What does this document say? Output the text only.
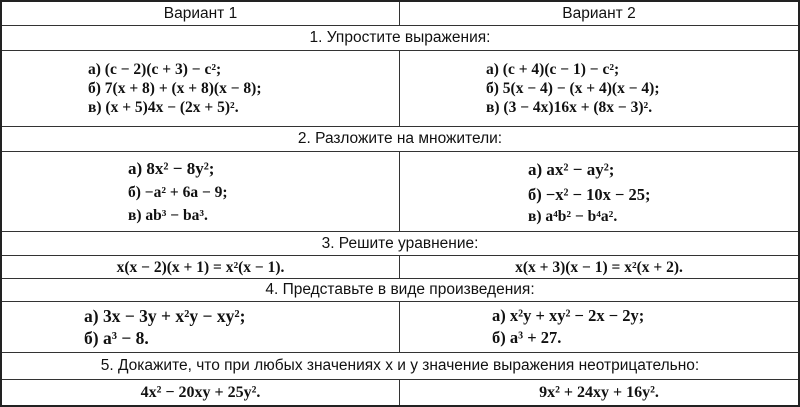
Вариант 1	Вариант 2
1. Упростите выражения:
а) (c − 2)(c + 3) − c²;
б) 7(x + 8) + (x + 8)(x − 8);
в) (x + 5)4x − (2x + 5)².
а) (c + 4)(c − 1) − c²;
б) 5(x − 4) − (x + 4)(x − 4);
в) (3 − 4x)16x + (8x − 3)².
2. Разложите на множители:
а) 8x² − 8y²;
б) −a² + 6a − 9;
в) ab³ − ba³.
а) ax² − ay²;
б) −x² − 10x − 25;
в) a⁴b² − b⁴a².
3. Решите уравнение:
x(x − 2)(x + 1) = x²(x − 1).	x(x + 3)(x − 1) = x²(x + 2).
4. Представьте в виде произведения:
а) 3x − 3y + x²y − xy²;
б) a³ − 8.
а) x²y + xy² − 2x − 2y;
б) a³ + 27.
5. Докажите, что при любых значениях x и y значение выражения неотрицательно:
4x² − 20xy + 25y².	9x² + 24xy + 16y².
